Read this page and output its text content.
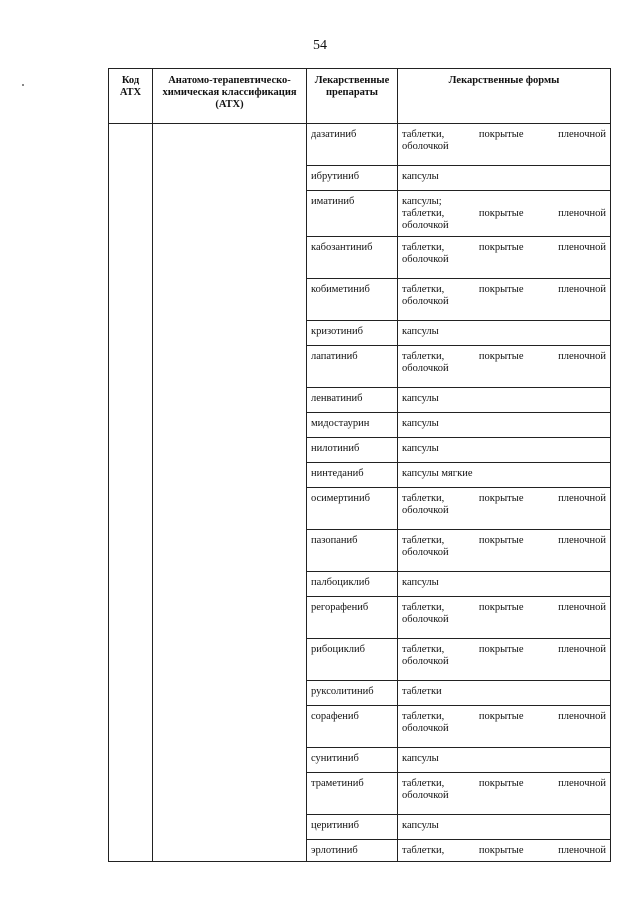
54
Код АТХ	Анатомо-терапевтическо-химическая классификация (АТХ)	Лекарственные препараты	Лекарственные формы
		дазатиниб	таблетки, покрытые пленочной
оболочкой

		ибрутиниб	капсулы
		иматиниб	капсулы;
таблетки, покрытые пленочной
оболочкой

		кабозантиниб	таблетки, покрытые пленочной
оболочкой

		кобиметиниб	таблетки, покрытые пленочной
оболочкой

		кризотиниб	капсулы
		лапатиниб	таблетки, покрытые пленочной
оболочкой

		ленватиниб	капсулы
		мидостаурин	капсулы
		нилотиниб	капсулы
		нинтеданиб	капсулы мягкие
		осимертиниб	таблетки, покрытые пленочной
оболочкой

		пазопаниб	таблетки, покрытые пленочной
оболочкой

		палбоциклиб	капсулы
		регорафениб	таблетки, покрытые пленочной
оболочкой

		рибоциклиб	таблетки, покрытые пленочной
оболочкой

		руксолитиниб	таблетки
		сорафениб	таблетки, покрытые пленочной
оболочкой

		сунитиниб	капсулы
		траметиниб	таблетки, покрытые пленочной
оболочкой

		церитиниб	капсулы
		эрлотиниб	таблетки, покрытые пленочной
